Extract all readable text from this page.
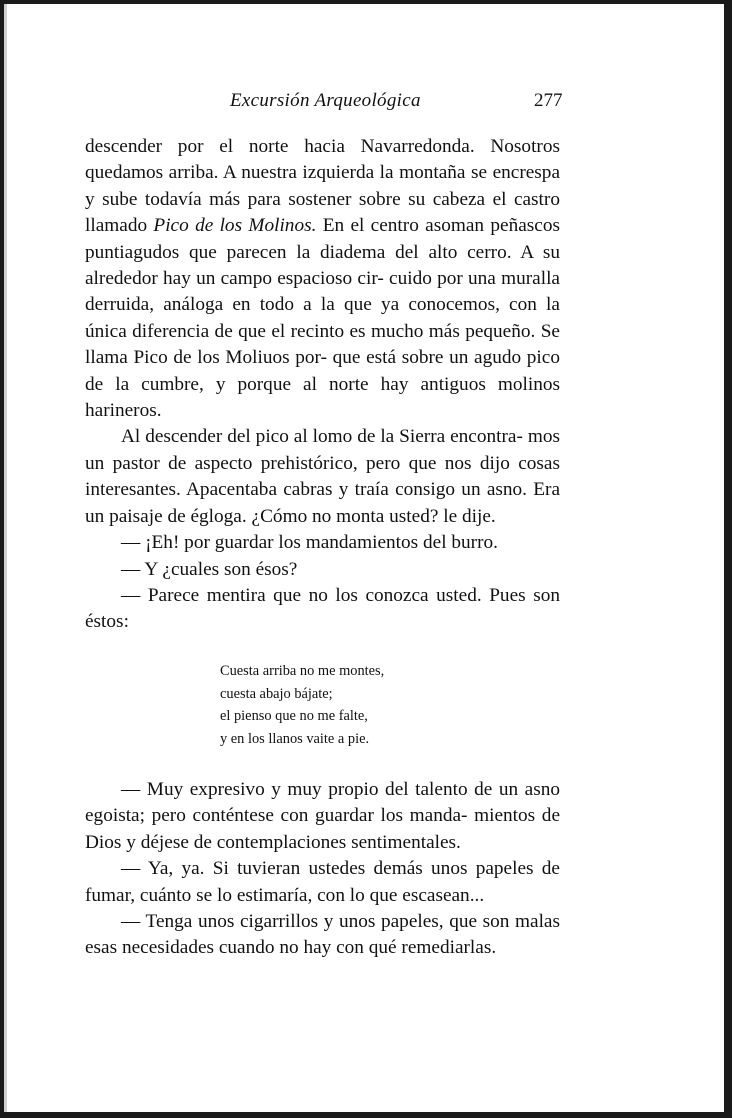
Excursión Arqueológica	277

descender por el norte hacia Navarredonda. Nosotros quedamos arriba. A nuestra izquierda la montaña se encrespa y sube todavía más para sostener sobre su cabeza el castro llamado Pico de los Molinos. En el centro asoman peñascos puntiagudos que parecen la diadema del alto cerro. A su alrededor hay un campo espacioso cir- cuido por una muralla derruida, análoga en todo a la que ya conocemos, con la única diferencia de que el recinto es mucho más pequeño. Se llama Pico de los Moliuos por- que está sobre un agudo pico de la cumbre, y porque al norte hay antiguos molinos harineros.

Al descender del pico al lomo de la Sierra encontra- mos un pastor de aspecto prehistórico, pero que nos dijo cosas interesantes. Apacentaba cabras y traía consigo un asno. Era un paisaje de égloga. ¿Cómo no monta usted? le dije.

— ¡Eh! por guardar los mandamientos del burro.

— Y ¿cuales son ésos?

— Parece mentira que no los conozca usted. Pues son éstos:

Cuesta arriba no me montes,
cuesta abajo bájate;
el pienso que no me falte,
y en los llanos vaite a pie.

— Muy expresivo y muy propio del talento de un asno egoista; pero conténtese con guardar los manda- mientos de Dios y déjese de contemplaciones sentimentales.

— Ya, ya. Si tuvieran ustedes demás unos papeles de fumar, cuánto se lo estimaría, con lo que escasean...

— Tenga unos cigarrillos y unos papeles, que son malas esas necesidades cuando no hay con qué remediarlas.
